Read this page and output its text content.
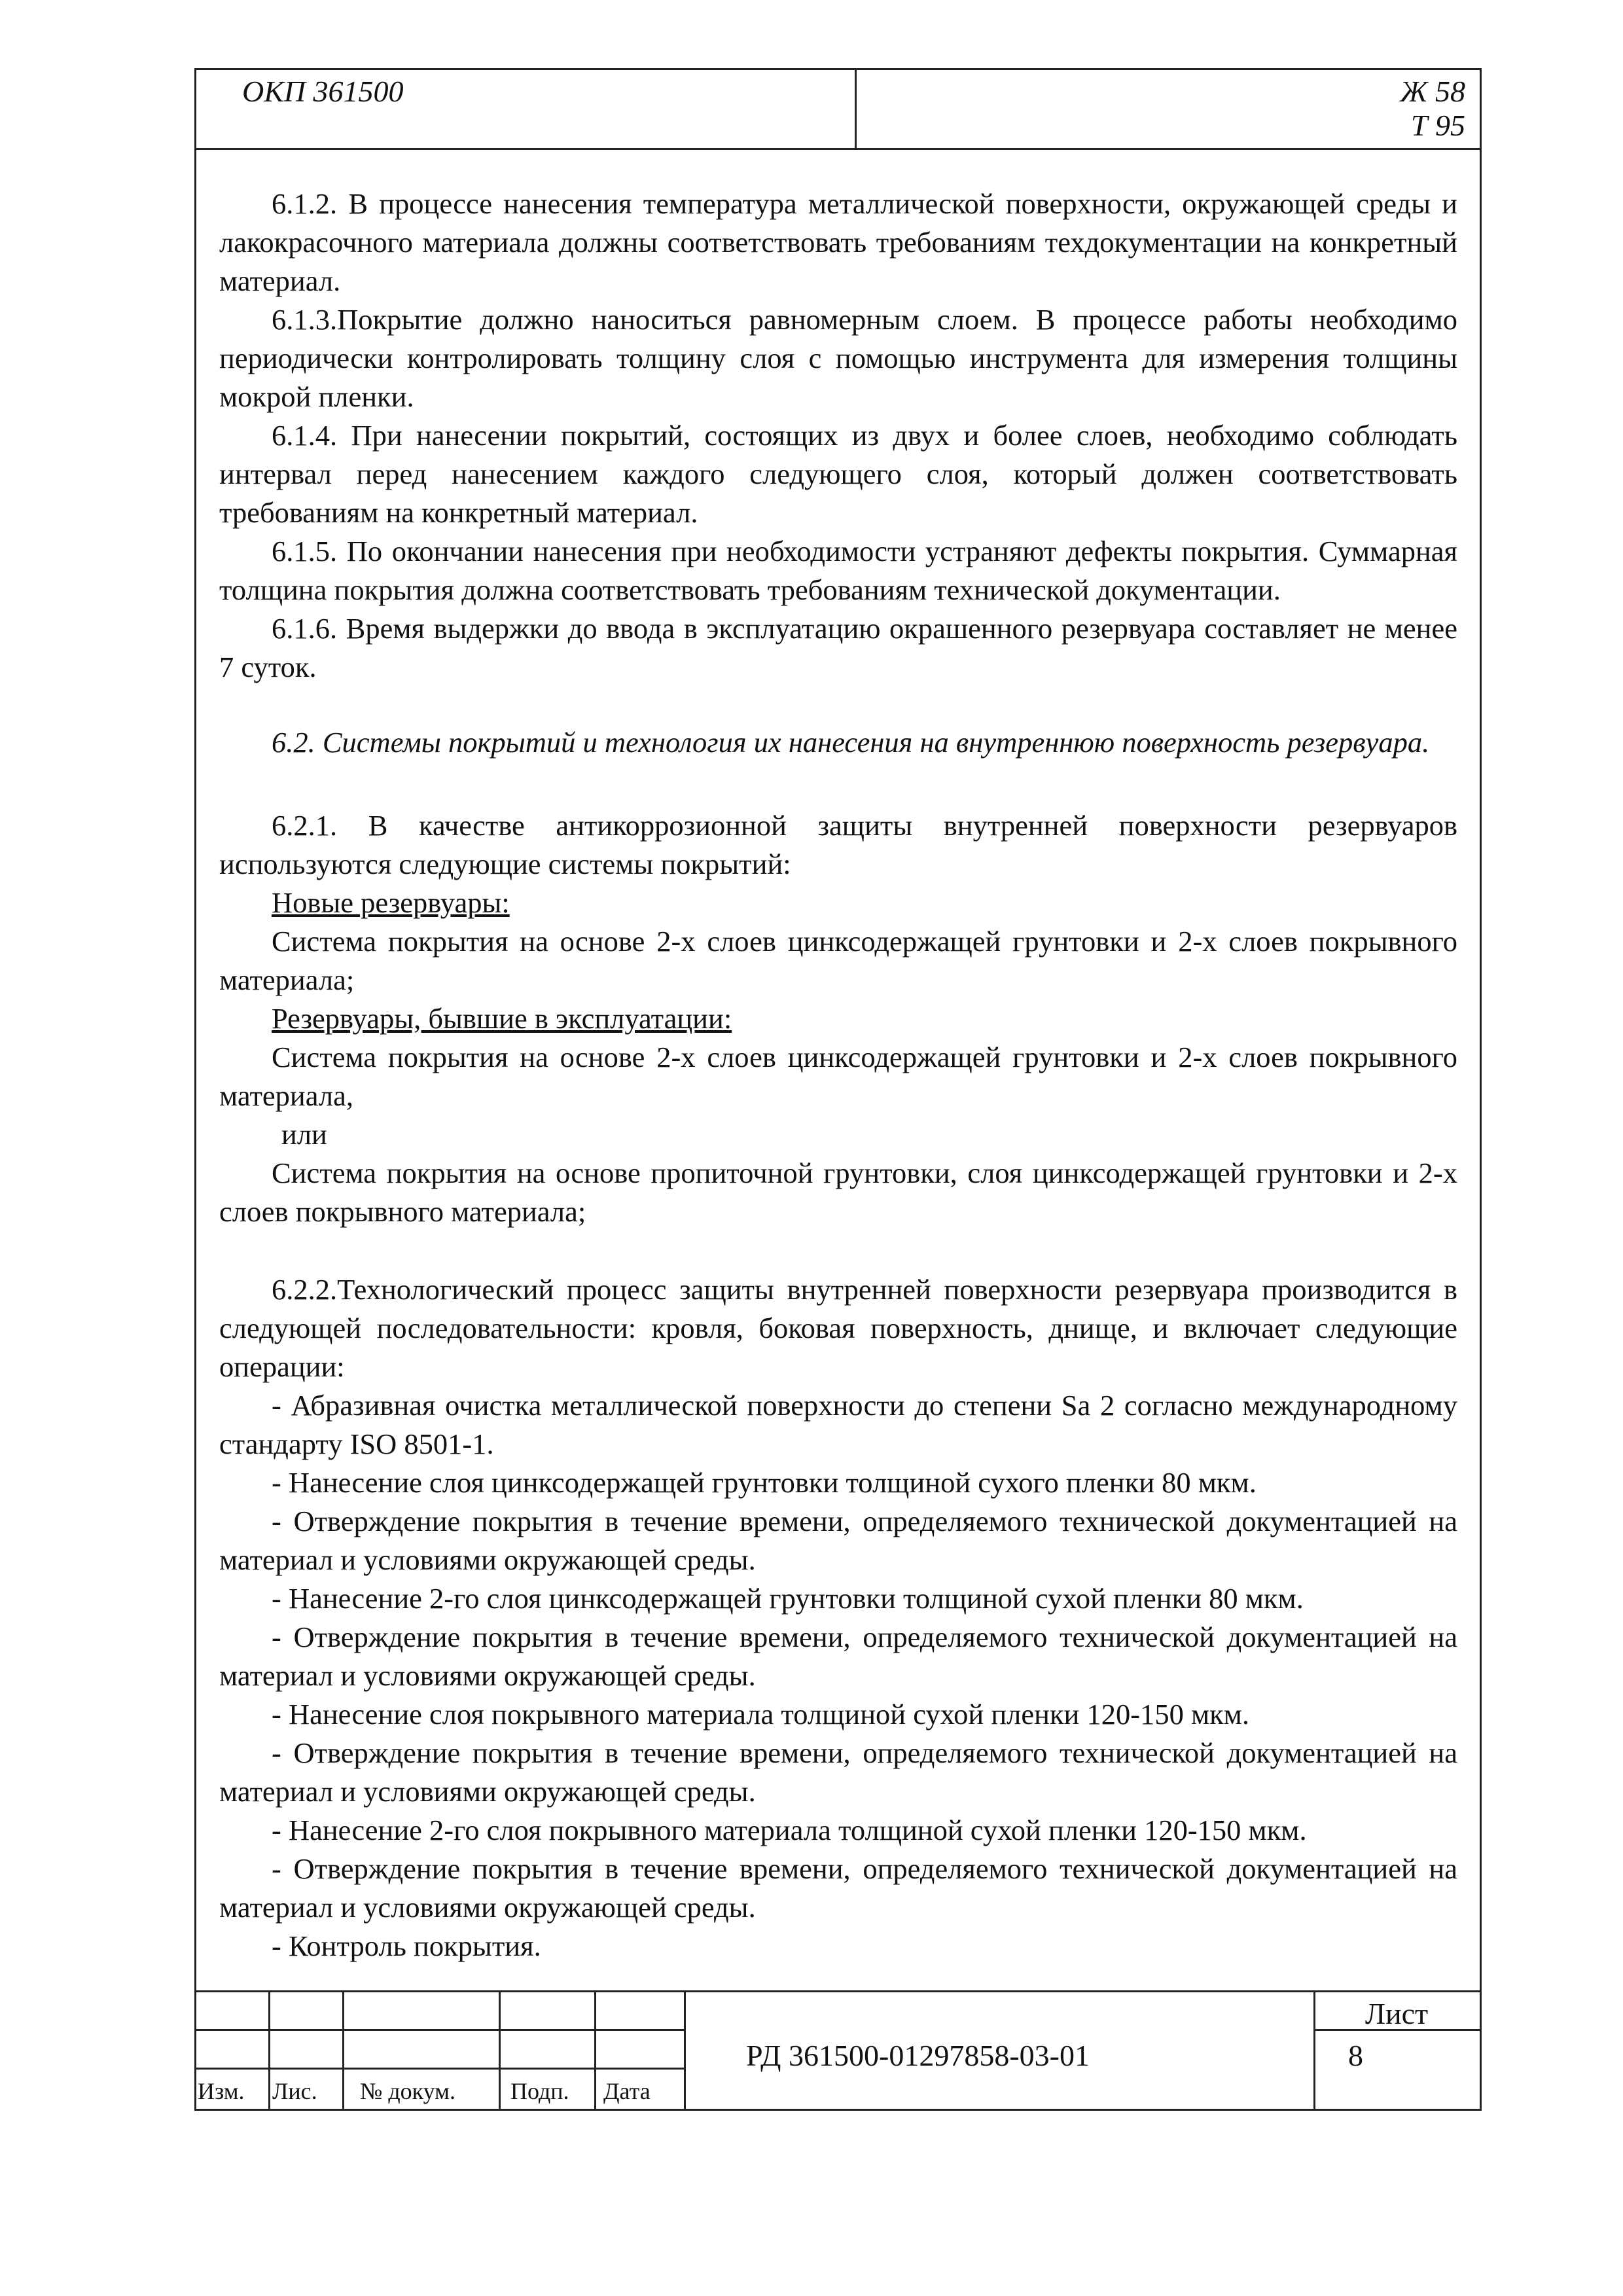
ОКП 361500	Ж 58
Т 95

6.1.2. В процессе нанесения температура металлической поверхности, окружающей среды и лакокрасочного материала должны соответствовать требованиям техдокументации на конкретный материал.

6.1.3.Покрытие должно наноситься равномерным слоем. В процессе работы необходимо периодически контролировать толщину слоя с помощью инструмента для измерения толщины мокрой пленки.

6.1.4. При нанесении покрытий, состоящих из двух и более слоев, необходимо соблюдать интервал перед нанесением каждого следующего слоя, который должен соответствовать требованиям на конкретный материал.

6.1.5. По окончании нанесения при необходимости устраняют дефекты покрытия. Суммарная толщина покрытия должна соответствовать требованиям технической документации.

6.1.6. Время выдержки до ввода в эксплуатацию окрашенного резервуара составляет не менее 7 суток.

6.2. Системы покрытий и технология их нанесения на внутреннюю поверхность резервуара.

6.2.1. В качестве антикоррозионной защиты внутренней поверхности резервуаров используются следующие системы покрытий:

Новые резервуары:

Система покрытия на основе 2-х слоев цинксодержащей грунтовки и 2-х слоев покрывного материала;

Резервуары, бывшие в эксплуатации:

Система покрытия на основе 2-х слоев цинксодержащей грунтовки и 2-х слоев покрывного материала,

или

Система покрытия на основе пропиточной грунтовки, слоя цинксодержащей грунтовки и 2-х слоев покрывного материала;

6.2.2.Технологический процесс защиты внутренней поверхности резервуара производится в следующей последовательности: кровля, боковая поверхность, днище, и включает следующие операции:

- Абразивная очистка металлической поверхности до степени Sa 2 согласно международному стандарту ISO 8501-1.

- Нанесение слоя цинксодержащей грунтовки толщиной сухого пленки 80 мкм.

- Отверждение покрытия в течение времени, определяемого технической документацией на материал и условиями окружающей среды.

- Нанесение 2-го слоя цинксодержащей грунтовки толщиной сухой пленки 80 мкм.

- Отверждение покрытия в течение времени, определяемого технической документацией на материал и условиями окружающей среды.

- Нанесение слоя покрывного материала толщиной сухой пленки 120-150 мкм.

- Отверждение покрытия в течение времени, определяемого технической документацией на материал и условиями окружающей среды.

- Нанесение 2-го слоя покрывного материала толщиной сухой пленки 120-150 мкм.

- Отверждение покрытия в течение времени, определяемого технической документацией на материал и условиями окружающей среды.

- Контроль покрытия.

Изм. Лис. № докум. Подп. Дата
РД 361500-01297858-03-01
Лист
8
